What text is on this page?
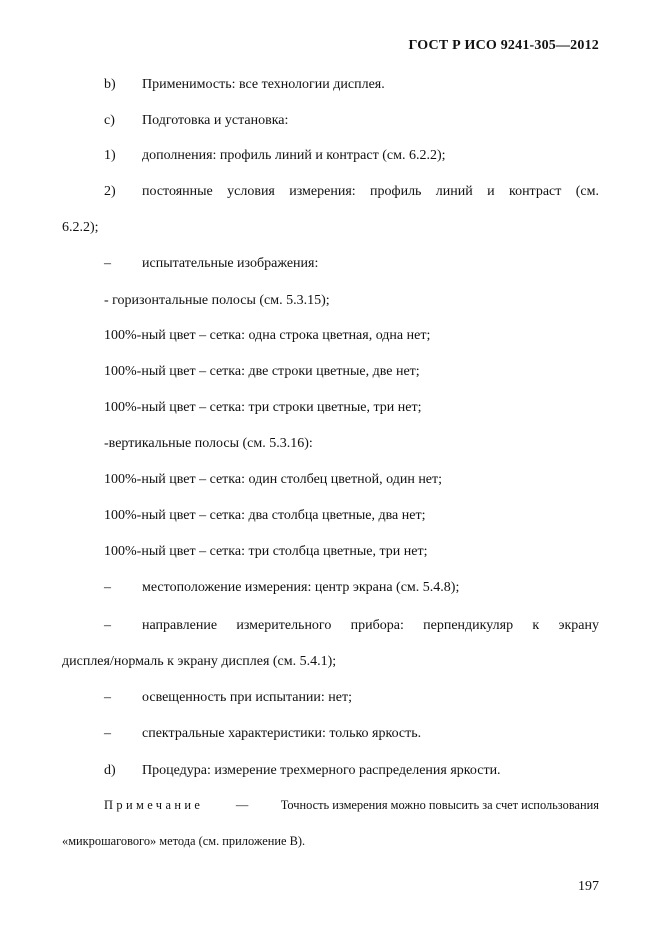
ГОСТ Р ИСО 9241-305—2012
b) Применимость: все технологии дисплея.
c) Подготовка и установка:
1) дополнения: профиль линий и контраст (см. 6.2.2);
2) постоянные условия измерения: профиль линий и контраст (см.
6.2.2);
– испытательные изображения:
- горизонтальные полосы (см. 5.3.15);
100%-ный цвет – сетка: одна строка цветная, одна нет;
100%-ный цвет – сетка: две строки цветные, две нет;
100%-ный цвет – сетка: три строки цветные, три нет;
-вертикальные полосы (см. 5.3.16):
100%-ный цвет – сетка: один столбец цветной, один нет;
100%-ный цвет – сетка: два столбца цветные, два нет;
100%-ный цвет – сетка: три столбца цветные, три нет;
– местоположение измерения: центр экрана (см. 5.4.8);
– направление измерительного прибора: перпендикуляр к экрану
дисплея/нормаль к экрану дисплея (см. 5.4.1);
– освещенность при испытании: нет;
– спектральные характеристики: только яркость.
d) Процедура: измерение трехмерного распределения яркости.
Примечание	—	Точность измерения можно повысить за счет использования
«микрошагового» метода (см. приложение В).
197
